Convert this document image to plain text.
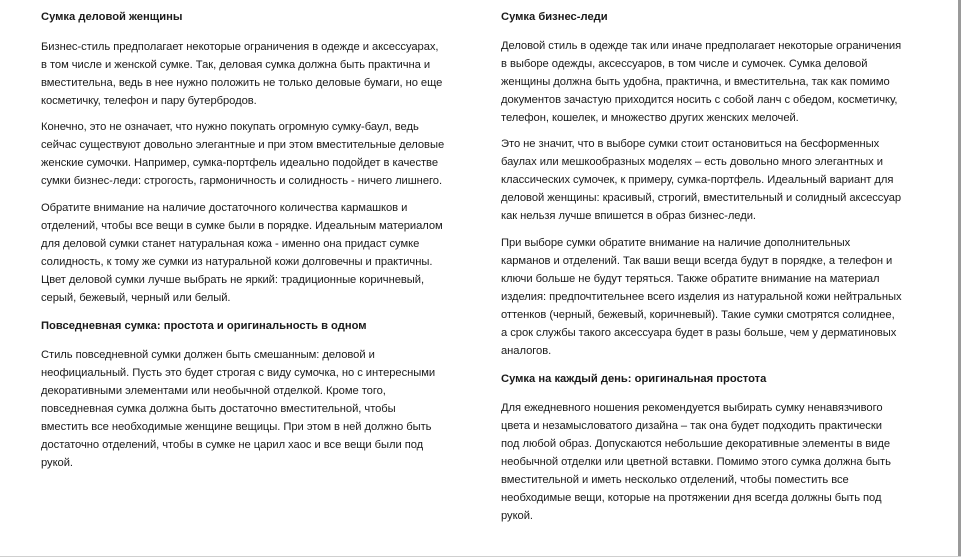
Сумка деловой женщины

Бизнес-стиль предполагает некоторые ограничения в одежде и аксессуарах,
в том числе и женской сумке. Так, деловая сумка должна быть практична и
вместительна, ведь в нее нужно положить не только деловые бумаги, но еще
косметичку, телефон и пару бутербродов.

Конечно, это не означает, что нужно покупать огромную сумку-баул, ведь
сейчас существуют довольно элегантные и при этом вместительные деловые
женские сумочки. Например, сумка-портфель идеально подойдет в качестве
сумки бизнес-леди: строгость, гармоничность и солидность - ничего лишнего.

Обратите внимание на наличие достаточного количества кармашков и
отделений, чтобы все вещи в сумке были в порядке. Идеальным материалом
для деловой сумки станет натуральная кожа - именно она придаст сумке
солидность, к тому же сумки из натуральной кожи долговечны и практичны.
Цвет деловой сумки лучше выбрать не яркий: традиционные коричневый,
серый, бежевый, черный или белый.

Повседневная сумка: простота и оригинальность в одном

Стиль повседневной сумки должен быть смешанным: деловой и
неофициальный. Пусть это будет строгая с виду сумочка, но с интересными
декоративными элементами или необычной отделкой. Кроме того,
повседневная сумка должна быть достаточно вместительной, чтобы
вместить все необходимые женщине вещицы. При этом в ней должно быть
достаточно отделений, чтобы в сумке не царил хаос и все вещи были под
рукой.

Сумка бизнес-леди

Деловой стиль в одежде так или иначе предполагает некоторые ограничения
в выборе одежды, аксессуаров, в том числе и сумочек. Сумка деловой
женщины должна быть удобна, практична, и вместительна, так как помимо
документов зачастую приходится носить с собой ланч с обедом, косметичку,
телефон, кошелек, и множество других женских мелочей.

Это не значит, что в выборе сумки стоит остановиться на бесформенных
баулах или мешкообразных моделях – есть довольно много элегантных и
классических сумочек, к примеру, сумка-портфель. Идеальный вариант для
деловой женщины: красивый, строгий, вместительный и солидный аксессуар
как нельзя лучше впишется в образ бизнес-леди.

При выборе сумки обратите внимание на наличие дополнительных
карманов и отделений. Так ваши вещи всегда будут в порядке, а телефон и
ключи больше не будут теряться. Также обратите внимание на материал
изделия: предпочтительнее всего изделия из натуральной кожи нейтральных
оттенков (черный, бежевый, коричневый). Такие сумки смотрятся солиднее,
а срок службы такого аксессуара будет в разы больше, чем у дерматиновых
аналогов.

Сумка на каждый день: оригинальная простота

Для ежедневного ношения рекомендуется выбирать сумку ненавязчивого
цвета и незамысловатого дизайна – так она будет подходить практически
под любой образ. Допускаются небольшие декоративные элементы в виде
необычной отделки или цветной вставки. Помимо этого сумка должна быть
вместительной и иметь несколько отделений, чтобы поместить все
необходимые вещи, которые на протяжении дня всегда должны быть под
рукой.
